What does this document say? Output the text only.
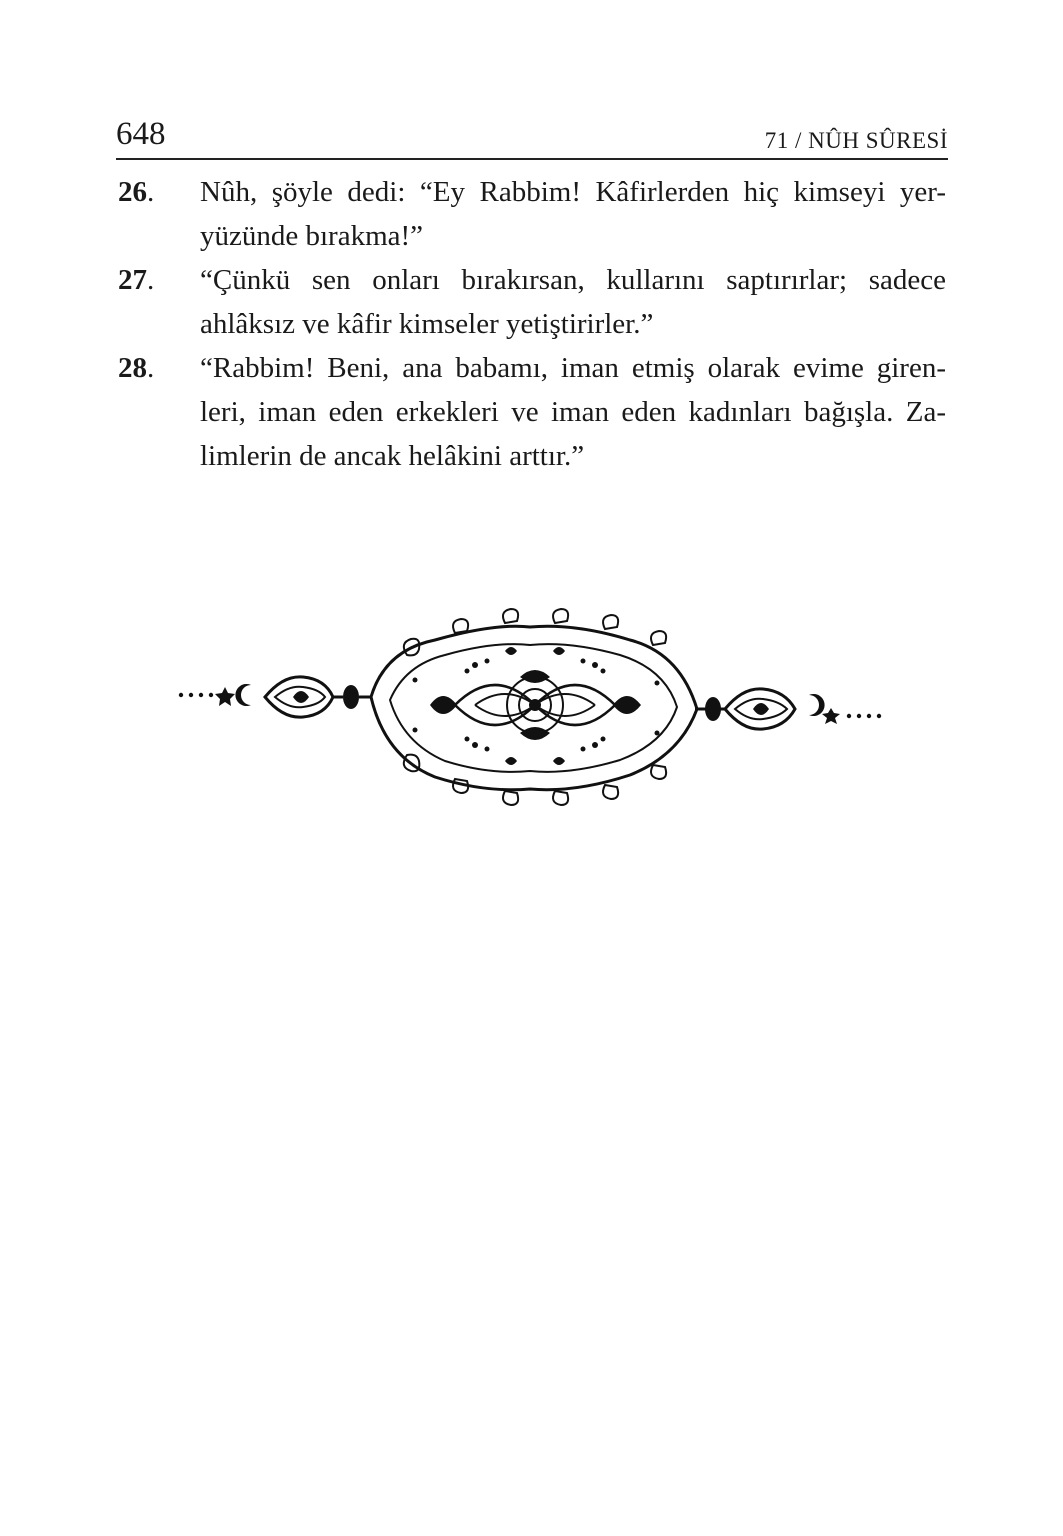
648	71 / NÛH SÛRESİ
26.	Nûh, şöyle dedi: “Ey Rabbim! Kâfirlerden hiç kimseyi yer-
yüzünde bırakma!”
27.	“Çünkü sen onları bırakırsan, kullarını saptırırlar; sadece
ahlâksız ve kâfir kimseler yetiştirirler.”
28.	“Rabbim! Beni, ana babamı, iman etmiş olarak evime giren-
leri, iman eden erkekleri ve iman eden kadınları bağışla. Za-
limlerin de ancak helâkini arttır.”
